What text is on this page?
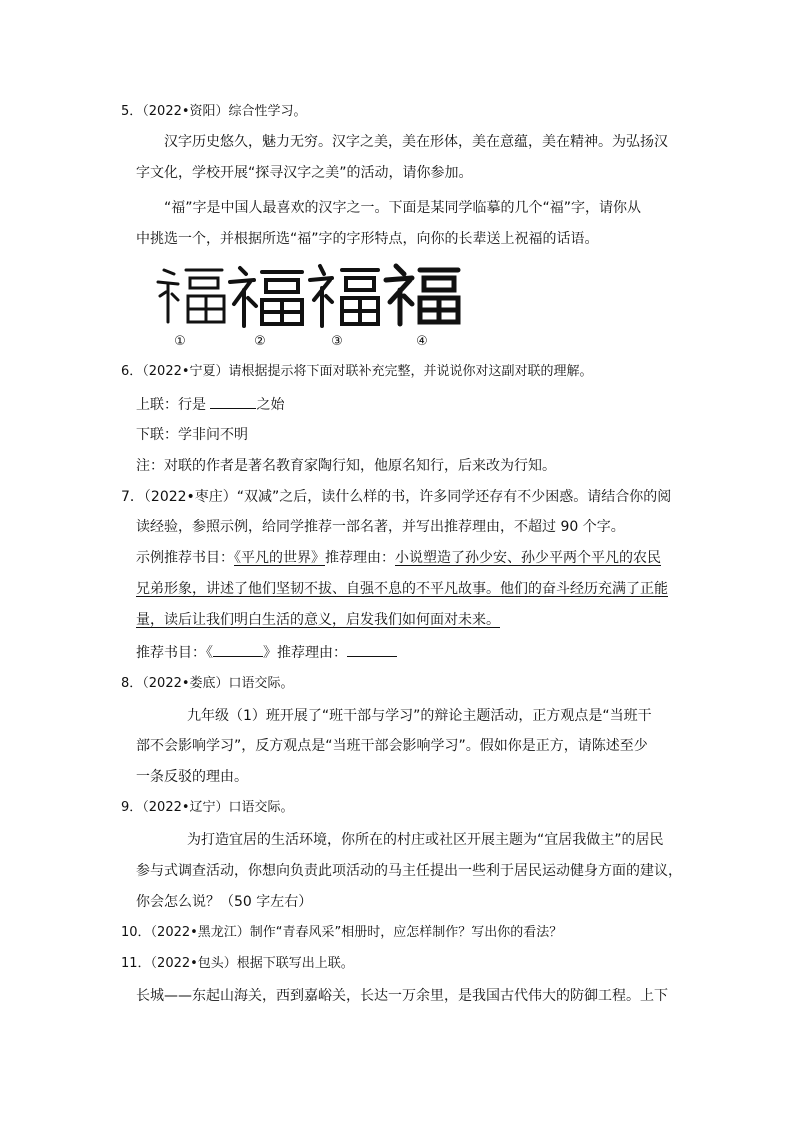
5．（2022•资阳）综合性学习。
汉字历史悠久，魅力无穷。汉字之美，美在形体，美在意蕴，美在精神。为弘扬汉
字文化，学校开展“探寻汉字之美”的活动，请你参加。
“福”字是中国人最喜欢的汉字之一。下面是某同学临摹的几个“福”字，请你从
中挑选一个，并根据所选“福”字的字形特点，向你的长辈送上祝福的话语。
①	②	③	④
6．（2022•宁夏）请根据提示将下面对联补充完整，并说说你对这副对联的理解。
上联：行是	之始
下联：学非问不明
注：对联的作者是著名教育家陶行知，他原名知行，后来改为行知。
7．（2022•枣庄）“双减”之后，读什么样的书，许多同学还存有不少困惑。请结合你的阅
读经验，参照示例，给同学推荐一部名著，并写出推荐理由，不超过 90 个字。
示例推荐书目：《平凡的世界》推荐理由：小说塑造了孙少安、孙少平两个平凡的农民
兄弟形象，讲述了他们坚韧不拔、自强不息的不平凡故事。他们的奋斗经历充满了正能
量，读后让我们明白生活的意义，启发我们如何面对未来。
推荐书目：《	》推荐理由：
8．（2022•娄底）口语交际。
九年级（1）班开展了“班干部与学习”的辩论主题活动，正方观点是“当班干
部不会影响学习”，反方观点是“当班干部会影响学习”。假如你是正方，请陈述至少
一条反驳的理由。
9．（2022•辽宁）口语交际。
为打造宜居的生活环境，你所在的村庄或社区开展主题为“宜居我做主”的居民
参与式调查活动，你想向负责此项活动的马主任提出一些利于居民运动健身方面的建议，
你会怎么说？（50 字左右）
10．（2022•黑龙江）制作“青春风采”相册时，应怎样制作？写出你的看法？
11．（2022•包头）根据下联写出上联。
长城——东起山海关，西到嘉峪关，长达一万余里，是我国古代伟大的防御工程。上下
